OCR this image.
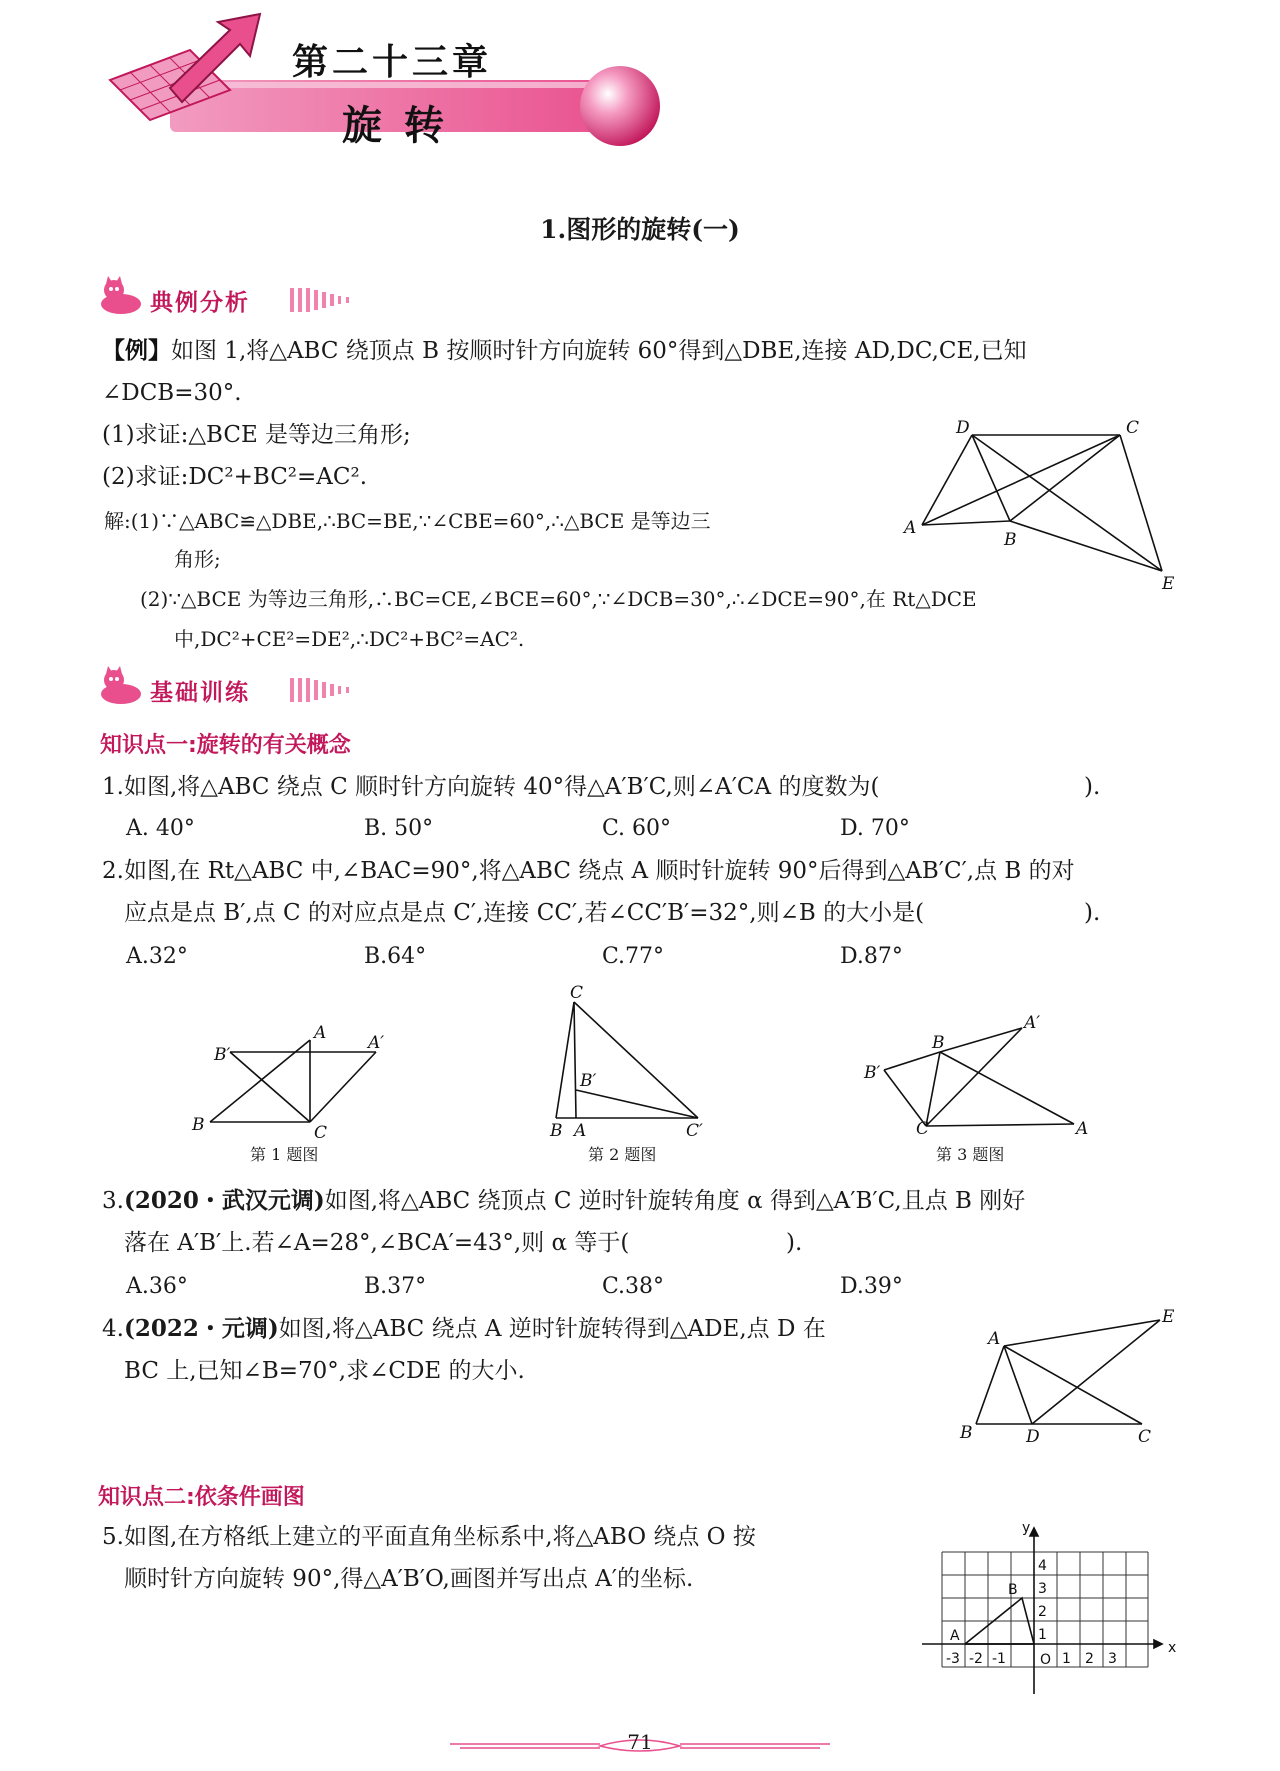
第二十三章
旋转
1.图形的旋转(一)
典例分析
【例】如图 1,将△ABC 绕顶点 B 按顺时针方向旋转 60°得到△DBE,连接 AD,DC,CE,已知
∠DCB=30°.
(1)求证:△BCE 是等边三角形;
(2)求证:DC²+BC²=AC².
解:(1)∵△ABC≌△DBE,∴BC=BE,∵∠CBE=60°,∴△BCE 是等边三
角形;
(2)∵△BCE 为等边三角形,∴BC=CE,∠BCE=60°,∵∠DCB=30°,∴∠DCE=90°,在 Rt△DCE
中,DC²+CE²=DE²,∴DC²+BC²=AC².
A
D	C
B
E
基础训练
知识点一:旋转的有关概念
1.如图,将△ABC 绕点 C 顺时针方向旋转 40°得△A′B′C,则∠A′CA 的度数为(	).
A. 40°	B. 50°	C. 60°	D. 70°
2.如图,在 Rt△ABC 中,∠BAC=90°,将△ABC 绕点 A 顺时针旋转 90°后得到△AB′C′,点 B 的对
应点是点 B′,点 C 的对应点是点 C′,连接 CC′,若∠CC′B′=32°,则∠B 的大小是(	).
A.32°	B.64°	C.77°	D.87°
A A′
B′
B	C
第 1 题图
C
B′
B A	C′
第 2 题图
B
A′
B′
C	A
第 3 题图
3.(2020・武汉元调)如图,将△ABC 绕顶点 C 逆时针旋转角度 α 得到△A′B′C,且点 B 刚好
落在 A′B′上.若∠A=28°,∠BCA′=43°,则 α 等于(	).
A.36°	B.37°	C.38°	D.39°
4.(2022・元调)如图,将△ABC 绕点 A 逆时针旋转得到△ADE,点 D 在
BC 上,已知∠B=70°,求∠CDE 的大小.
A
E
B	D	C
知识点二:依条件画图
5.如图,在方格纸上建立的平面直角坐标系中,将△ABO 绕点 O 按
顺时针方向旋转 90°,得△A′B′O,画图并写出点 A′的坐标.
x
y
O
A
B
-3 -2 -1	1 2 3
1
2
3
4
71
